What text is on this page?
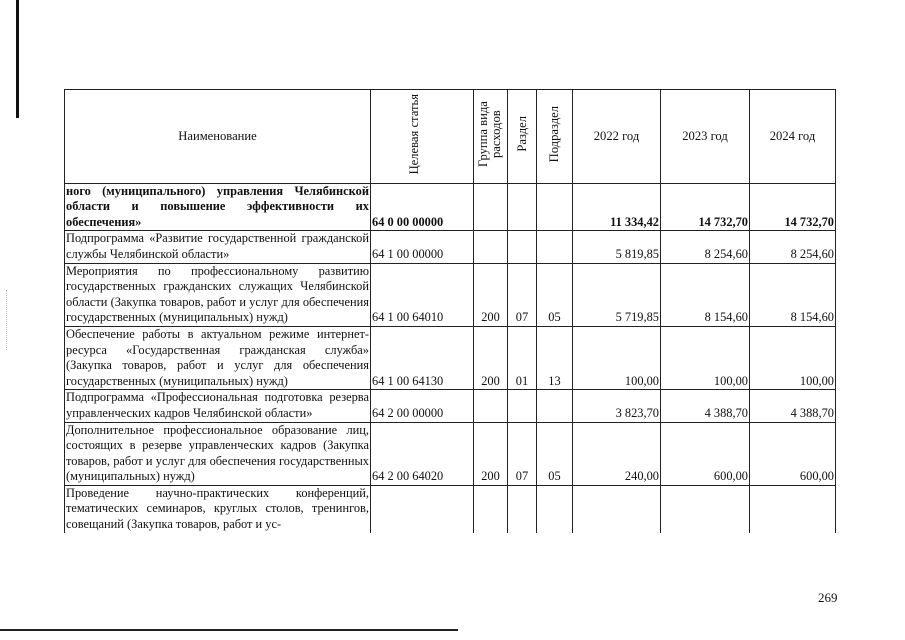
Наименование	Целевая статья	Группа вида расходов	Раздел	Подраздел	2022 год	2023 год	2024 год
ного (муниципального) управления Челябинской области и повышение эффективности их обеспечения»	64 0 00 00000				11 334,42	14 732,70	14 732,70
Подпрограмма «Развитие государственной гражданской службы Челябинской области»	64 1 00 00000				5 819,85	8 254,60	8 254,60
Мероприятия по профессиональному развитию государственных гражданских служащих Челябинской области (Закупка товаров, работ и услуг для обеспечения государственных (муниципальных) нужд)	64 1 00 64010	200	07	05	5 719,85	8 154,60	8 154,60
Обеспечение работы в актуальном режиме интернет-ресурса «Государственная гражданская служба» (Закупка товаров, работ и услуг для обеспечения государственных (муниципальных) нужд)	64 1 00 64130	200	01	13	100,00	100,00	100,00
Подпрограмма «Профессиональная подготовка резерва управленческих кадров Челябинской области»	64 2 00 00000				3 823,70	4 388,70	4 388,70
Дополнительное профессиональное образование лиц, состоящих в резерве управленческих кадров (Закупка товаров, работ и услуг для обеспечения государственных (муниципальных) нужд)	64 2 00 64020	200	07	05	240,00	600,00	600,00
Проведение научно-практических конференций, тематических семинаров, круглых столов, тренингов, совещаний (Закупка товаров, работ и ус-							
269
